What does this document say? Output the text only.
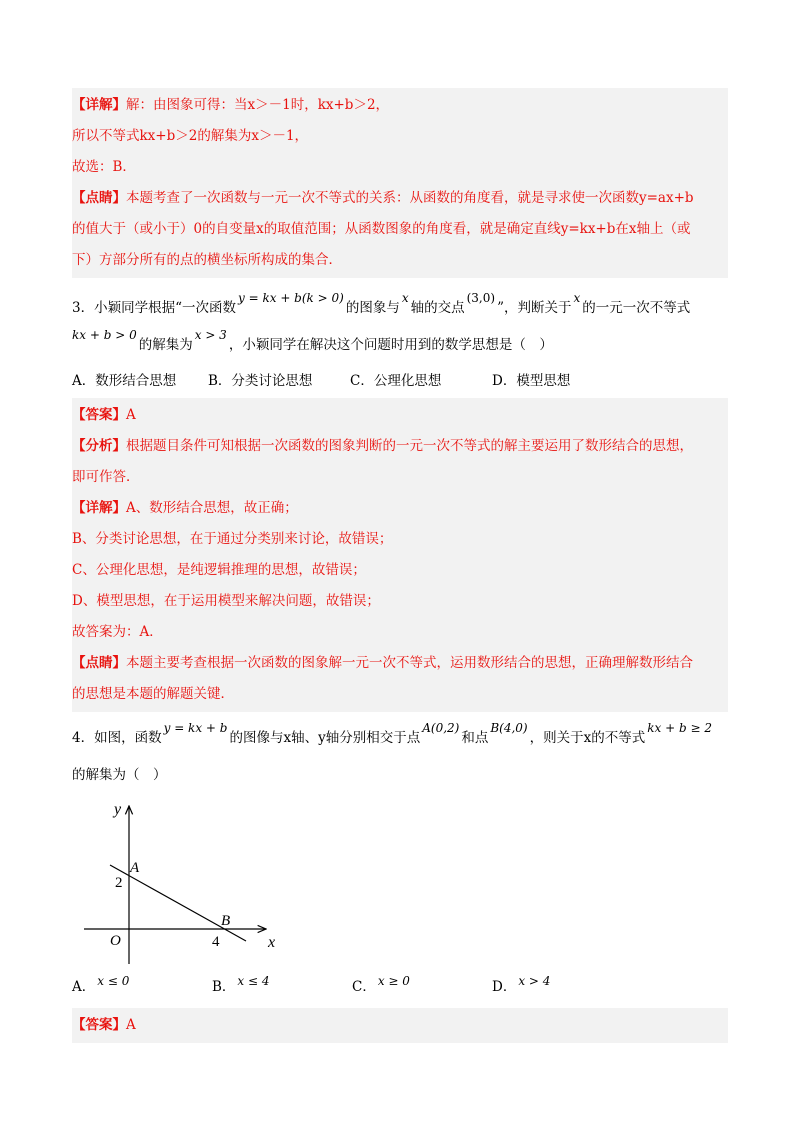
【详解】解：由图象可得：当x＞－1时，kx+b＞2，
所以不等式kx+b＞2的解集为x＞－1，
故选：B．
【点睛】本题考查了一次函数与一元一次不等式的关系：从函数的角度看，就是寻求使一次函数y=ax+b
的值大于（或小于）0的自变量x的取值范围；从函数图象的角度看，就是确定直线y=kx+b在x轴上（或
下）方部分所有的点的横坐标所构成的集合．
3．小颖同学根据“一次函数y = kx + b(k > 0)的图象与x轴的交点(3,0)”，判断关于x的一元一次不等式
kx + b > 0的解集为x > 3，小颖同学在解决这个问题时用到的数学思想是（　）
A．数形结合思想 B．分类讨论思想	C．公理化思想	D．模型思想
【答案】A
【分析】根据题目条件可知根据一次函数的图象判断的一元一次不等式的解主要运用了数形结合的思想，
即可作答．
【详解】A、数形结合思想，故正确；
B、分类讨论思想，在于通过分类别来讨论，故错误；
C、公理化思想，是纯逻辑推理的思想，故错误；
D、模型思想，在于运用模型来解决问题，故错误；
故答案为：A．
【点睛】本题主要考查根据一次函数的图象解一元一次不等式，运用数形结合的思想，正确理解数形结合
的思想是本题的解题关键．
4．如图，函数y = kx + b的图像与x轴、y轴分别相交于点A(0,2)和点B(4,0)，则关于x的不等式kx + b ≥ 2
的解集为（　）
y
x
O
A
2
B
4
A． x ≤ 0	B． x ≤ 4	C． x ≥ 0	D． x > 4
【答案】A
